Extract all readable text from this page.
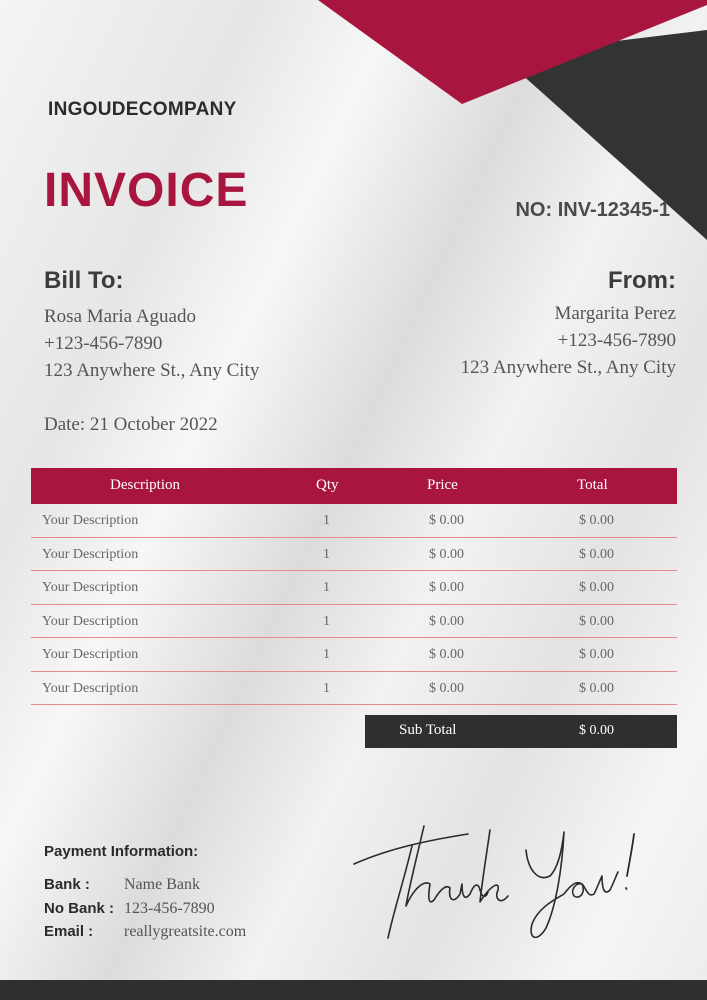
INGOUDECOMPANY
INVOICE	NO: INV-12345-1
Bill To:
Rosa Maria Aguado
+123-456-7890
123 Anywhere St., Any City
From:
Margarita Perez
+123-456-7890
123 Anywhere St., Any City
Date: 21 October 2022
Description	Qty	Price	Total
Your Description	1	$ 0.00	$ 0.00
Your Description	1	$ 0.00	$ 0.00
Your Description	1	$ 0.00	$ 0.00
Your Description	1	$ 0.00	$ 0.00
Your Description	1	$ 0.00	$ 0.00
Your Description	1	$ 0.00	$ 0.00
Sub Total	$ 0.00
Payment Information:
Bank : Name Bank
No Bank : 123-456-7890
Email : reallygreatsite.com
